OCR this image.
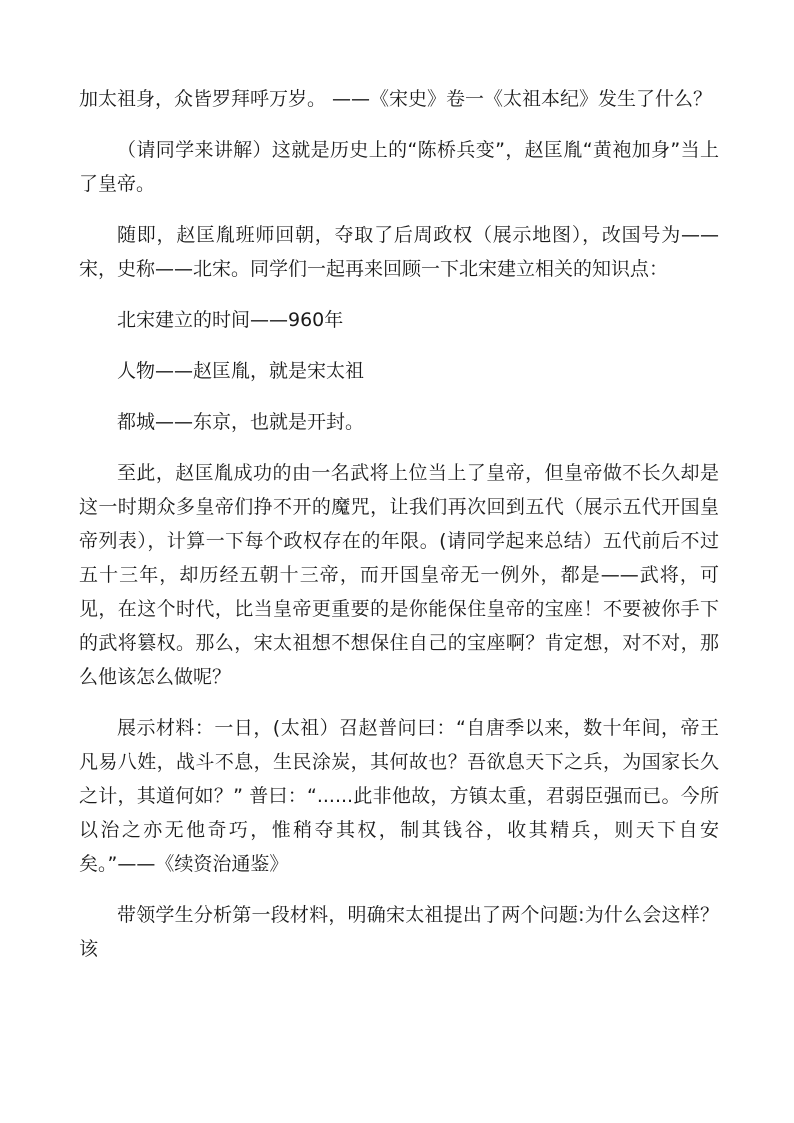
加太祖身，众皆罗拜呼万岁。 ——《宋史》卷一《太祖本纪》发生了什么？

（请同学来讲解）这就是历史上的“陈桥兵变”，赵匡胤“黄袍加身”当上了皇帝。

随即，赵匡胤班师回朝，夺取了后周政权（展示地图），改国号为——宋，史称——北宋。同学们一起再来回顾一下北宋建立相关的知识点：

北宋建立的时间——960年

人物——赵匡胤，就是宋太祖

都城——东京，也就是开封。

至此，赵匡胤成功的由一名武将上位当上了皇帝，但皇帝做不长久却是这一时期众多皇帝们挣不开的魔咒，让我们再次回到五代（展示五代开国皇帝列表），计算一下每个政权存在的年限。(请同学起来总结）五代前后不过五十三年，却历经五朝十三帝，而开国皇帝无一例外，都是——武将，可见，在这个时代，比当皇帝更重要的是你能保住皇帝的宝座！不要被你手下的武将篡权。那么，宋太祖想不想保住自己的宝座啊？肯定想，对不对，那么他该怎么做呢？

展示材料：一日，(太祖）召赵普问曰：“自唐季以来，数十年间，帝王凡易八姓，战斗不息，生民涂炭，其何故也？吾欲息天下之兵，为国家长久之计，其道何如？” 普曰：“......此非他故，方镇太重，君弱臣强而已。今所以治之亦无他奇巧，惟稍夺其权，制其钱谷，收其精兵，则天下自安矣。”——《续资治通鉴》

带领学生分析第一段材料，明确宋太祖提出了两个问题:为什么会这样？该
